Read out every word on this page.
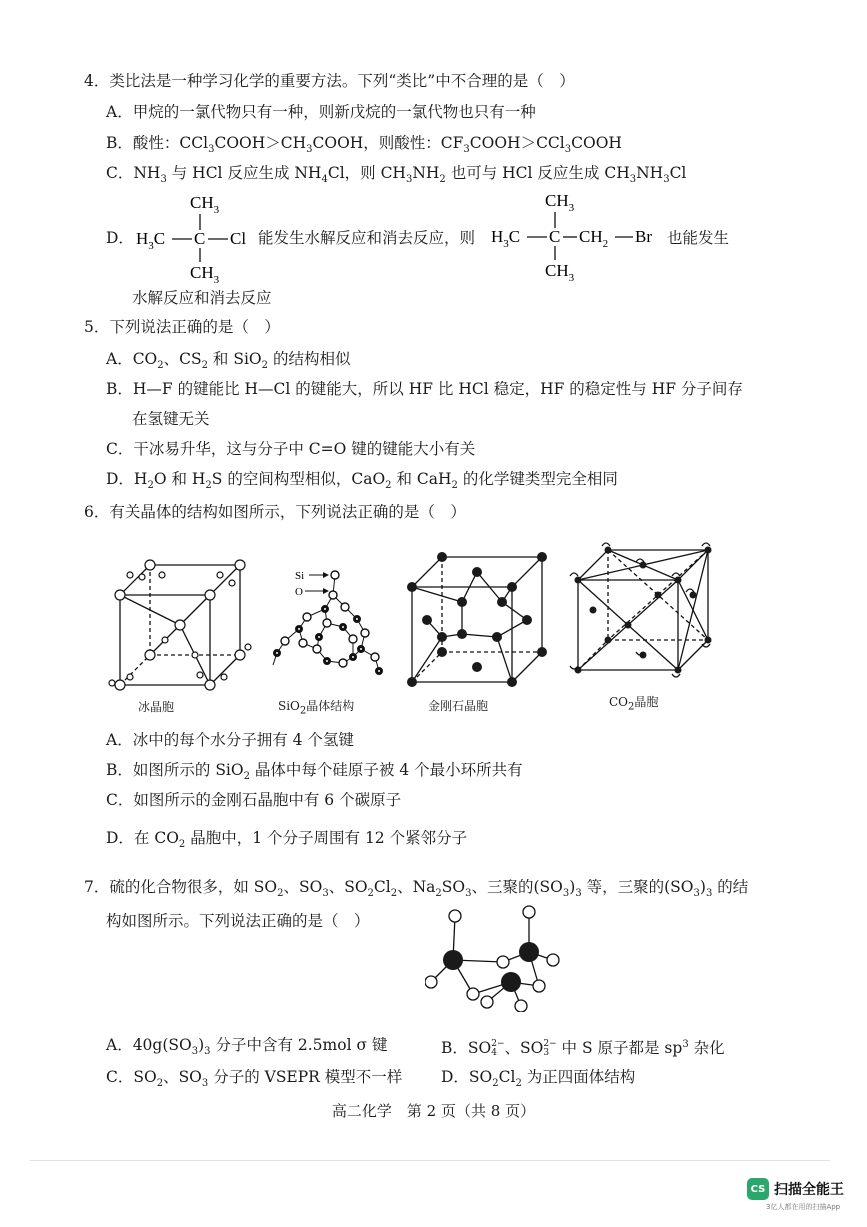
4．类比法是一种学习化学的重要方法。下列“类比”中不合理的是（　）
A．甲烷的一氯代物只有一种，则新戊烷的一氯代物也只有一种
B．酸性：$CCl_3COOH>CH_3COOH$，则酸性：$CF_3COOH>CCl_3COOH$
C．$NH_3$ 与 HCl 反应生成 $NH_4Cl$，则 $CH_3NH_2$ 也可与 HCl 反应生成 $CH_3NH_3Cl$
D．
$CH_3$
$H_3C$ C Cl
$CH_3$
能发生水解反应和消去反应，则
$CH_3$
$H_3C$ C $CH_2$ Br
$CH_3$
也能发生
水解反应和消去反应
5．下列说法正确的是（　）
A．$CO_2$、$CS_2$ 和 SiO$_2$ 的结构相似
B．H—F 的键能比 H—Cl 的键能大，所以 HF 比 HCl 稳定，HF 的稳定性与 HF 分子间存
在氢键无关
C．干冰易升华，这与分子中 C=O 键的键能大小有关
D．$H_2O$ 和 $H_2S$ 的空间构型相似，CaO$_2$ 和 CaH$_2$ 的化学键类型完全相同
6．有关晶体的结构如图所示，下列说法正确的是（　）
冰晶胞
Si
O
SiO$_2$晶体结构	金刚石晶胞	$CO_2$晶胞
A．冰中的每个水分子拥有 4 个氢键
B．如图所示的 SiO$_2$ 晶体中每个硅原子被 4 个最小环所共有
C．如图所示的金刚石晶胞中有 6 个碳原子
D．在 $CO_2$ 晶胞中，1 个分子周围有 12 个紧邻分子
7．硫的化合物很多，如 $SO_2$、$SO_3$、$SO_2Cl_2$、$Na_2SO_3$、三聚的$(SO_3)_3$ 等，三聚的$(SO_3)_3$ 的结
构如图所示。下列说法正确的是（　）
A．$40g(SO_3)_3$ 分子中含有 2.5mol σ 键	B．SO 2−
4 、SO 2−
3 中 S 原子都是 $sp^3$ 杂化
C．$SO_2$、$SO_3$ 分子的 VSEPR 模型不一样 D．$SO_2Cl_2$ 为正四面体结构
高二化学　第 2 页（共 8 页）
CS 扫描全能王
3亿人都在用的扫描App
